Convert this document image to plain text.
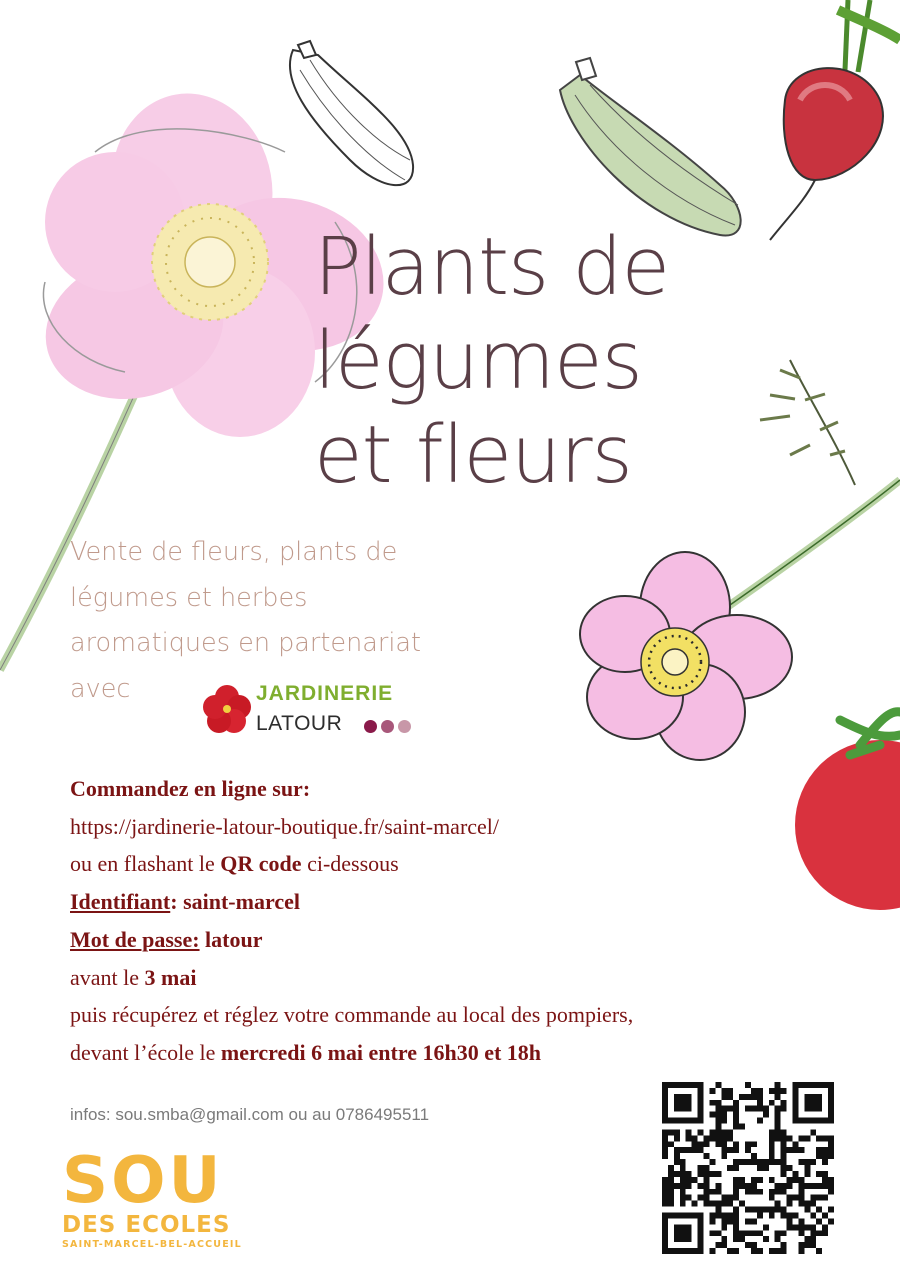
Plants de
légumes
et fleurs
Vente de fleurs, plants de
légumes et herbes
aromatiques en partenariat
avec	JARDINERIE
LATOUR
Commandez en ligne sur:
https://jardinerie-latour-boutique.fr/saint-marcel/
ou en flashant le QR code ci-dessous
Identifiant: saint-marcel
Mot de passe: latour
avant le 3 mai
puis récupérez et réglez votre commande au local des pompiers,
devant l’école le mercredi 6 mai entre 16h30 et 18h
infos: sou.smba@gmail.com ou au 0786495511
SOU
DES ECOLES
SAINT-MARCEL-BEL-ACCUEIL
